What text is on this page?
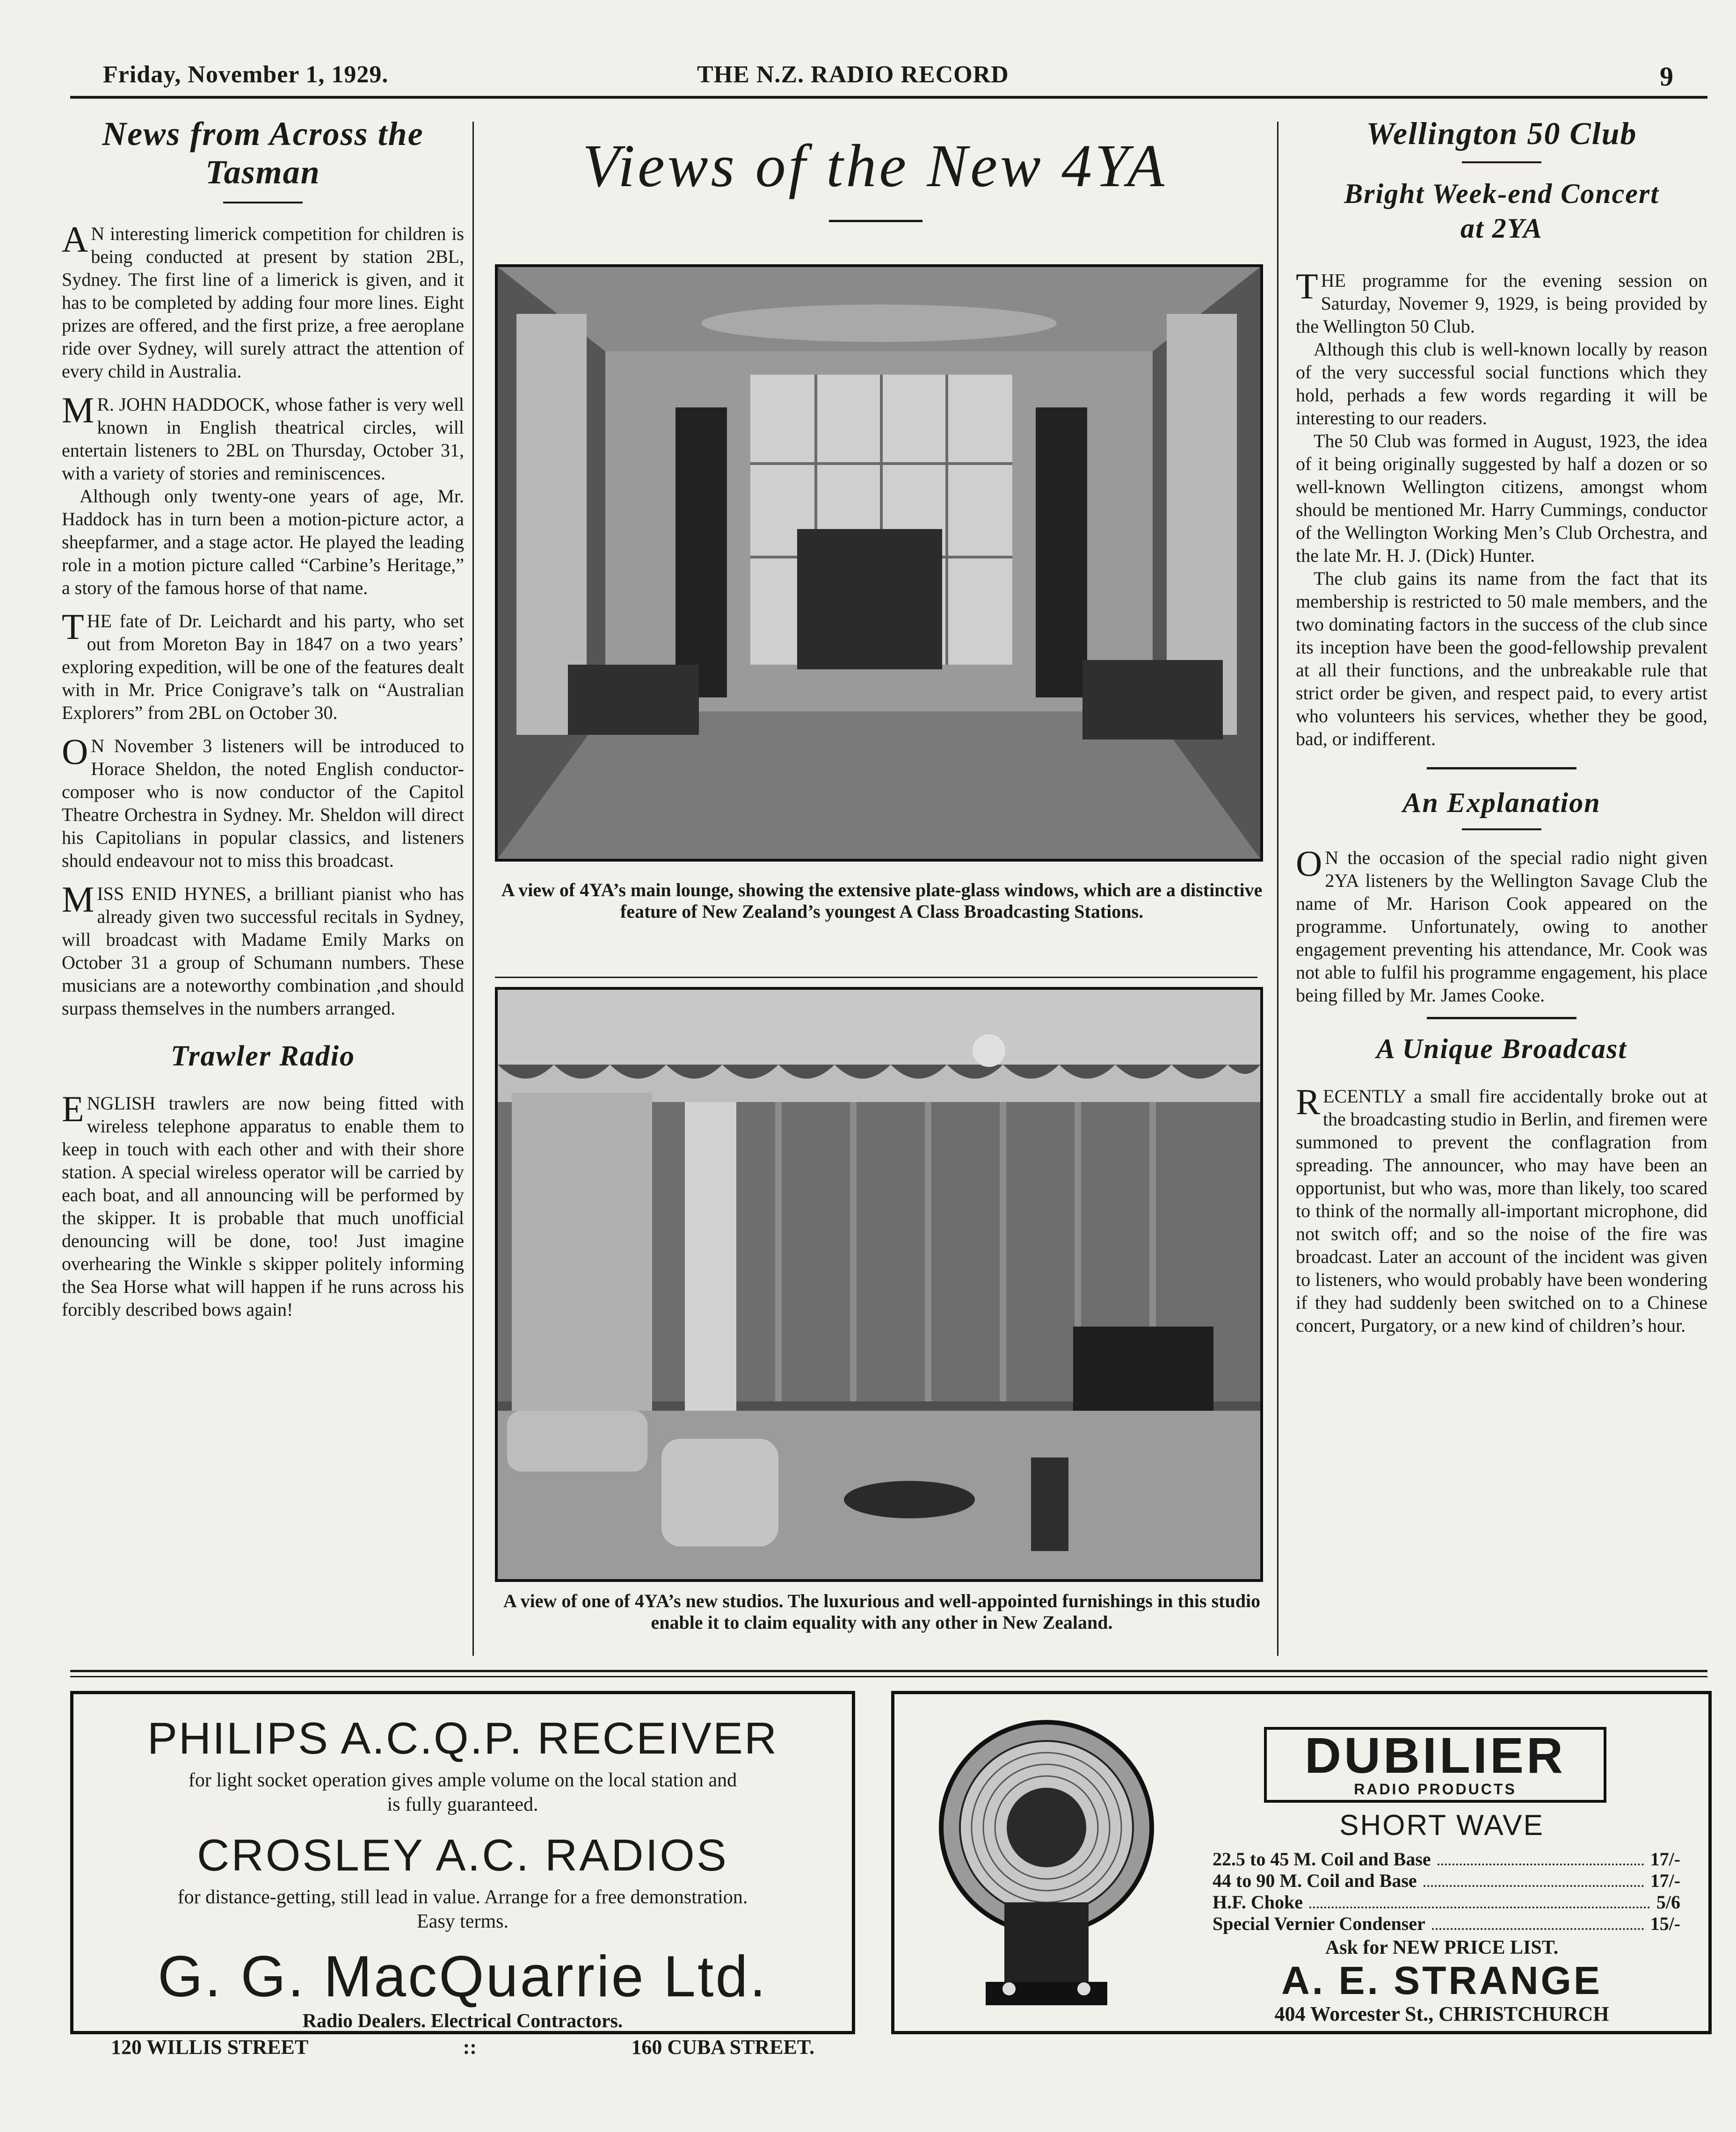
Friday, November 1, 1929.	THE N.Z. RADIO RECORD	9
News from Across the
Tasman

A N interesting limerick competition for children is being conducted at present by station 2BL, Sydney. The first line of a limerick is given, and it has to be completed by adding four more lines. Eight prizes are offered, and the first prize, a free aeroplane ride over Sydney, will surely attract the attention of every child in Australia.

M R. JOHN HADDOCK, whose father is very well known in English theatrical circles, will entertain listeners to 2BL on Thursday, October 31, with a variety of stories and reminiscences.

Although only twenty-one years of age, Mr. Haddock has in turn been a motion-picture actor, a sheepfarmer, and a stage actor. He played the leading role in a motion picture called “Carbine’s Heritage,” a story of the famous horse of that name.

THE fate of Dr. Leichardt and his party, who set out from Moreton Bay in 1847 on a two years’ exploring expedition, will be one of the features dealt with in Mr. Price Conigrave’s talk on “Australian Explorers” from 2BL on October 30.

O N November 3 listeners will be introduced to Horace Sheldon, the noted English conductor-composer who is now conductor of the Capitol Theatre Orchestra in Sydney. Mr. Sheldon will direct his Capitolians in popular classics, and listeners should endeavour not to miss this broadcast.

MISS ENID HYNES, a brilliant pianist who has already given two successful recitals in Sydney, will broadcast with Madame Emily Marks on October 31 a group of Schumann numbers. These musicians are a noteworthy combination ,and should surpass themselves in the numbers arranged.

Trawler Radio

ENGLISH trawlers are now being fitted with wireless telephone apparatus to enable them to keep in touch with each other and with their shore station. A special wireless operator will be carried by each boat, and all announcing will be performed by the skipper. It is probable that much unofficial denouncing will be done, too! Just imagine overhearing the Winkle s skipper politely informing the Sea Horse what will happen if he runs across his forcibly described bows again!

Views of the New 4YA
A view of 4YA’s main lounge, showing the extensive plate-glass windows, which are a distinctive feature of New Zealand’s youngest A Class Broadcasting Stations.
A view of one of 4YA’s new studios. The luxurious and well-appointed furnishings in this studio enable it to claim equality with any other in New Zealand.
Wellington 50 Club
Bright Week-end Concert
at 2YA

THE programme for the evening session on Saturday, Novemer 9, 1929, is being provided by the Wellington 50 Club.

Although this club is well-known locally by reason of the very successful social functions which they hold, perhads a few words regarding it will be interesting to our readers.

The 50 Club was formed in August, 1923, the idea of it being originally suggested by half a dozen or so well-known Wellington citizens, amongst whom should be mentioned Mr. Harry Cummings, conductor of the Wellington Working Men’s Club Orchestra, and the late Mr. H. J. (Dick) Hunter.

The club gains its name from the fact that its membership is restricted to 50 male members, and the two dominating factors in the success of the club since its inception have been the good-fellowship prevalent at all their functions, and the unbreakable rule that strict order be given, and respect paid, to every artist who volunteers his services, whether they be good, bad, or indifferent.

An Explanation

O N the occasion of the special radio night given 2YA listeners by the Wellington Savage Club the name of Mr. Harison Cook appeared on the programme. Unfortunately, owing to another engagement preventing his attendance, Mr. Cook was not able to fulfil his programme engagement, his place being filled by Mr. James Cooke.

A Unique Broadcast

RECENTLY a small fire accidentally broke out at the broadcasting studio in Berlin, and firemen were summoned to prevent the conflagration from spreading. The announcer, who may have been an opportunist, but who was, more than likely, too scared to think of the normally all-important microphone, did not switch off; and so the noise of the fire was broadcast. Later an account of the incident was given to listeners, who would probably have been wondering if they had suddenly been switched on to a Chinese concert, Purgatory, or a new kind of children’s hour.

PHILIPS A.C.Q.P. RECEIVER
for light socket operation gives ample volume on the local station and is fully guaranteed.
CROSLEY A.C. RADIOS
for distance-getting, still lead in value. Arrange for a free demonstration. Easy terms.
G. G. MacQuarrie Ltd.
Radio Dealers. Electrical Contractors.
120 WILLIS STREET	::	160 CUBA STREET.
DUBILIER
RADIO PRODUCTS
SHORT WAVE
22.5 to 45 M. Coil and Base	17/-
44 to 90 M. Coil and Base	17/-
H.F. Choke	5/6
Special Vernier Condenser	15/-
Ask for NEW PRICE LIST.
A. E. STRANGE
404 Worcester St., CHRISTCHURCH
